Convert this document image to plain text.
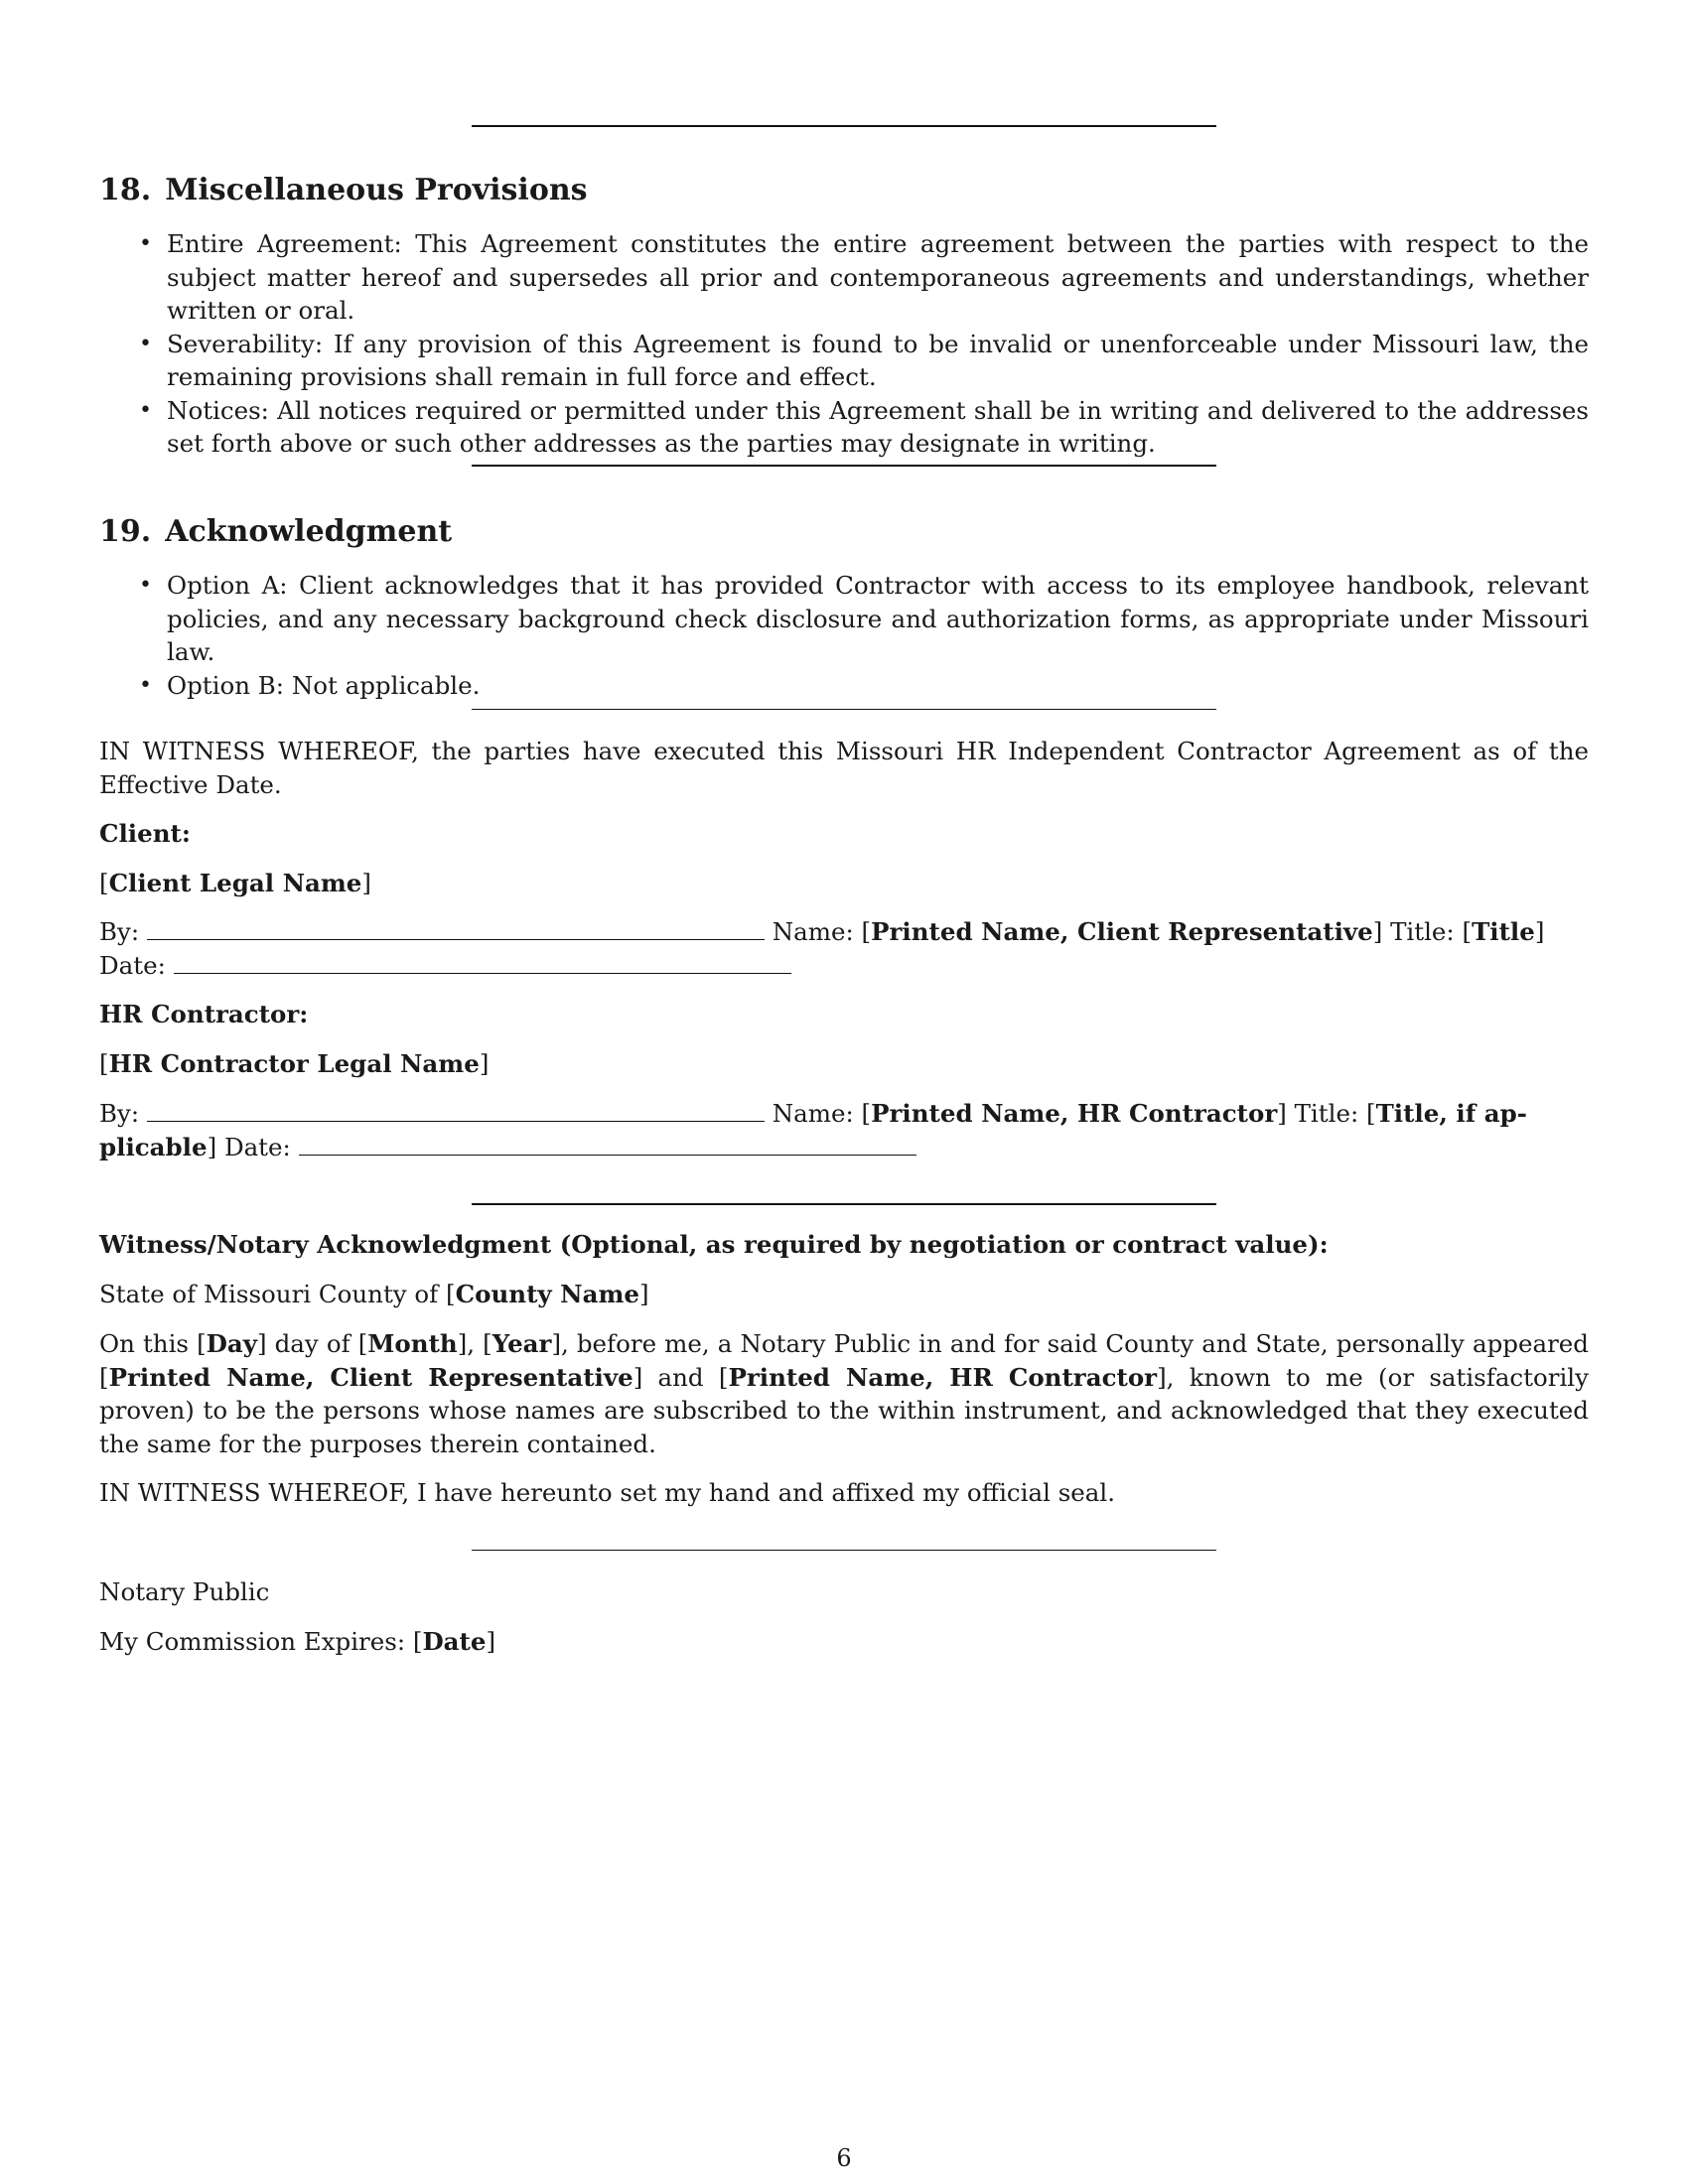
18. Miscellaneous Provisions
• Entire Agreement: This Agreement constitutes the entire agreement between the parties with respect to the subject matter hereof and supersedes all prior and contemporaneous agreements and understandings, whether written or oral.
• Severability: If any provision of this Agreement is found to be invalid or unenforceable under Missouri law, the remaining provisions shall remain in full force and effect.
• Notices: All notices required or permitted under this Agreement shall be in writing and delivered to the addresses set forth above or such other addresses as the parties may designate in writing.
19. Acknowledgment
• Option A: Client acknowledges that it has provided Contractor with access to its employee handbook, relevant policies, and any necessary background check disclosure and authorization forms, as appropriate under Missouri law.
• Option B: Not applicable.

IN WITNESS WHEREOF, the parties have executed this Missouri HR Independent Contractor Agreement as of the Effective Date.

Client:

[Client Legal Name]

By:	Name: [Printed Name, Client Representative] Title: [Title]
Date:

HR Contractor:

[HR Contractor Legal Name]

By:	Name: [Printed Name, HR Contractor] Title: [Title, if ap-
plicable] Date:

Witness/Notary Acknowledgment (Optional, as required by negotiation or contract value):

State of Missouri County of [County Name]

On this [Day] day of [Month], [Year], before me, a Notary Public in and for said County and State, personally appeared [Printed Name, Client Representative] and [Printed Name, HR Contractor], known to me (or satisfactorily proven) to be the persons whose names are subscribed to the within instrument, and acknowledged that they executed the same for the purposes therein contained.

IN WITNESS WHEREOF, I have hereunto set my hand and affixed my official seal.

Notary Public

My Commission Expires: [Date]

6
